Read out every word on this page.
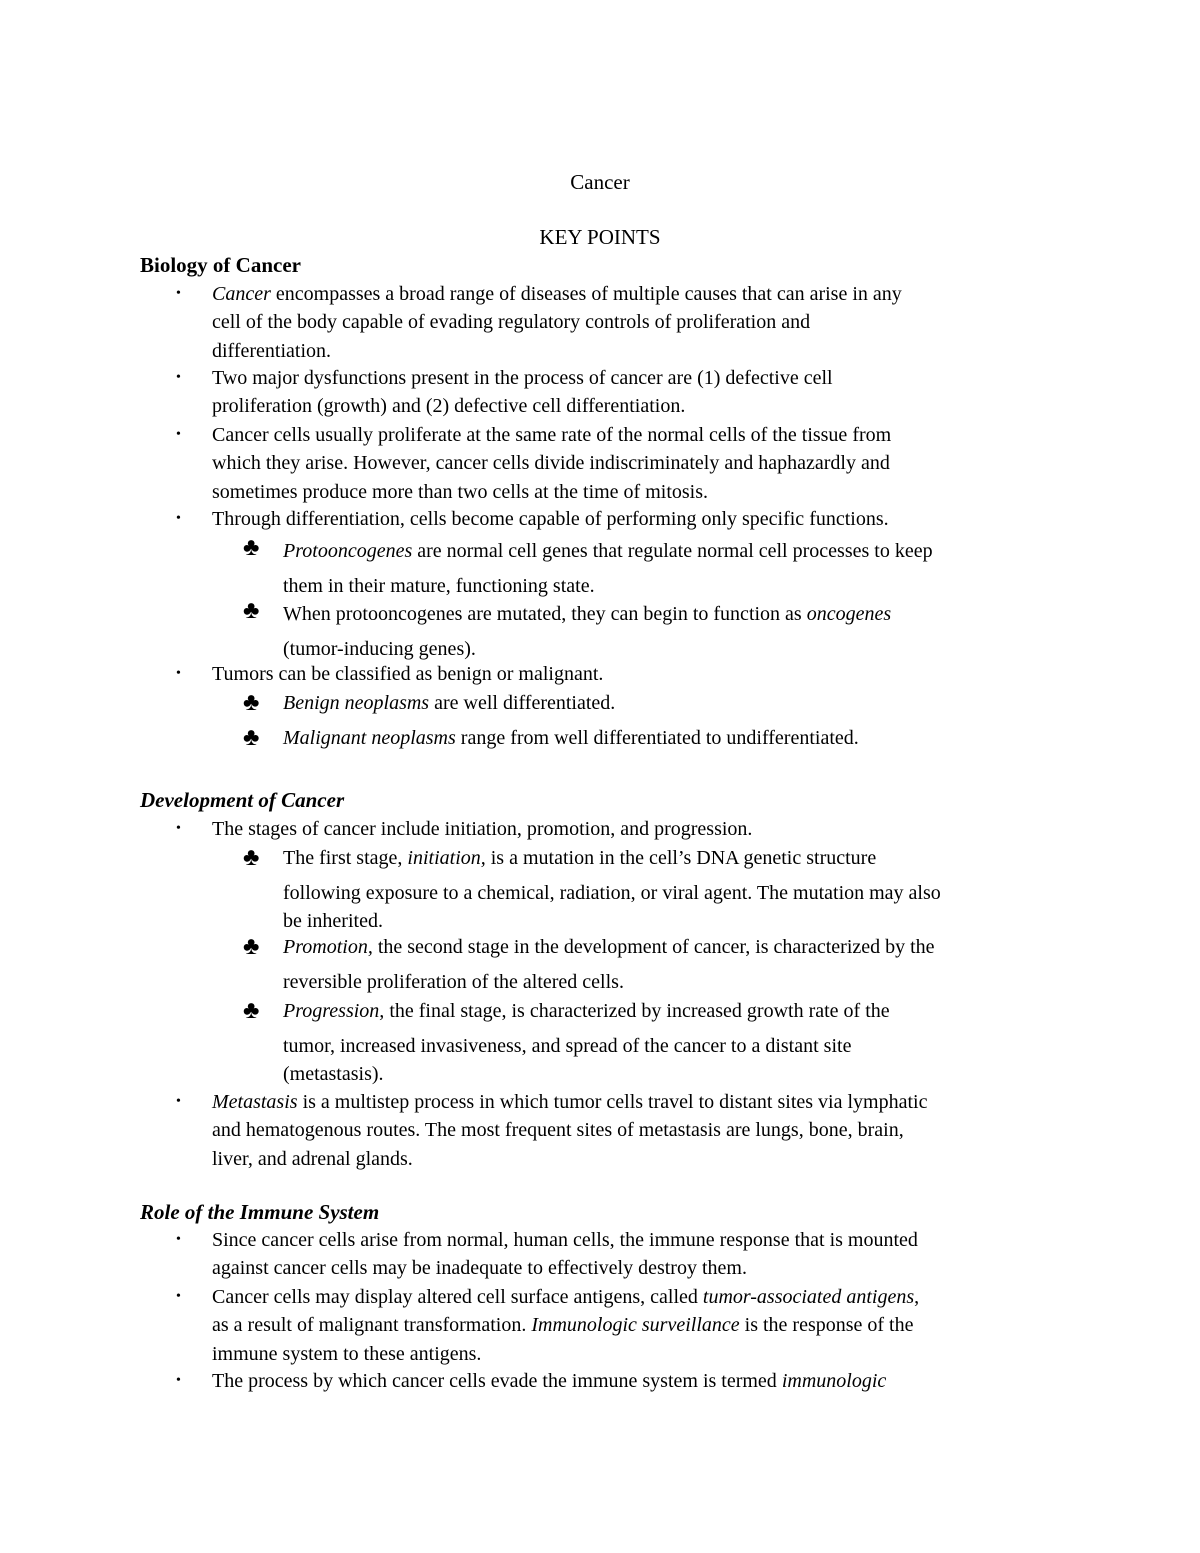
Cancer
KEY POINTS
Biology of Cancer
• Cancer encompasses a broad range of diseases of multiple causes that can arise in any
cell of the body capable of evading regulatory controls of proliferation and
differentiation.
• Two major dysfunctions present in the process of cancer are (1) defective cell
proliferation (growth) and (2) defective cell differentiation.
• Cancer cells usually proliferate at the same rate of the normal cells of the tissue from
which they arise. However, cancer cells divide indiscriminately and haphazardly and
sometimes produce more than two cells at the time of mitosis.
• Through differentiation, cells become capable of performing only specific functions.
♣ Protooncogenes are normal cell genes that regulate normal cell processes to keep
them in their mature, functioning state.
♣ When protooncogenes are mutated, they can begin to function as oncogenes
(tumor-inducing genes).
• Tumors can be classified as benign or malignant.
♣ Benign neoplasms are well differentiated.
♣ Malignant neoplasms range from well differentiated to undifferentiated.
Development of Cancer
• The stages of cancer include initiation, promotion, and progression.
♣ The first stage, initiation, is a mutation in the cell’s DNA genetic structure
following exposure to a chemical, radiation, or viral agent. The mutation may also
be inherited.
♣ Promotion, the second stage in the development of cancer, is characterized by the
reversible proliferation of the altered cells.
♣ Progression, the final stage, is characterized by increased growth rate of the
tumor, increased invasiveness, and spread of the cancer to a distant site
(metastasis).
• Metastasis is a multistep process in which tumor cells travel to distant sites via lymphatic
and hematogenous routes. The most frequent sites of metastasis are lungs, bone, brain,
liver, and adrenal glands.
Role of the Immune System
• Since cancer cells arise from normal, human cells, the immune response that is mounted
against cancer cells may be inadequate to effectively destroy them.
• Cancer cells may display altered cell surface antigens, called tumor-associated antigens,
as a result of malignant transformation. Immunologic surveillance is the response of the
immune system to these antigens.
• The process by which cancer cells evade the immune system is termed immunologic
